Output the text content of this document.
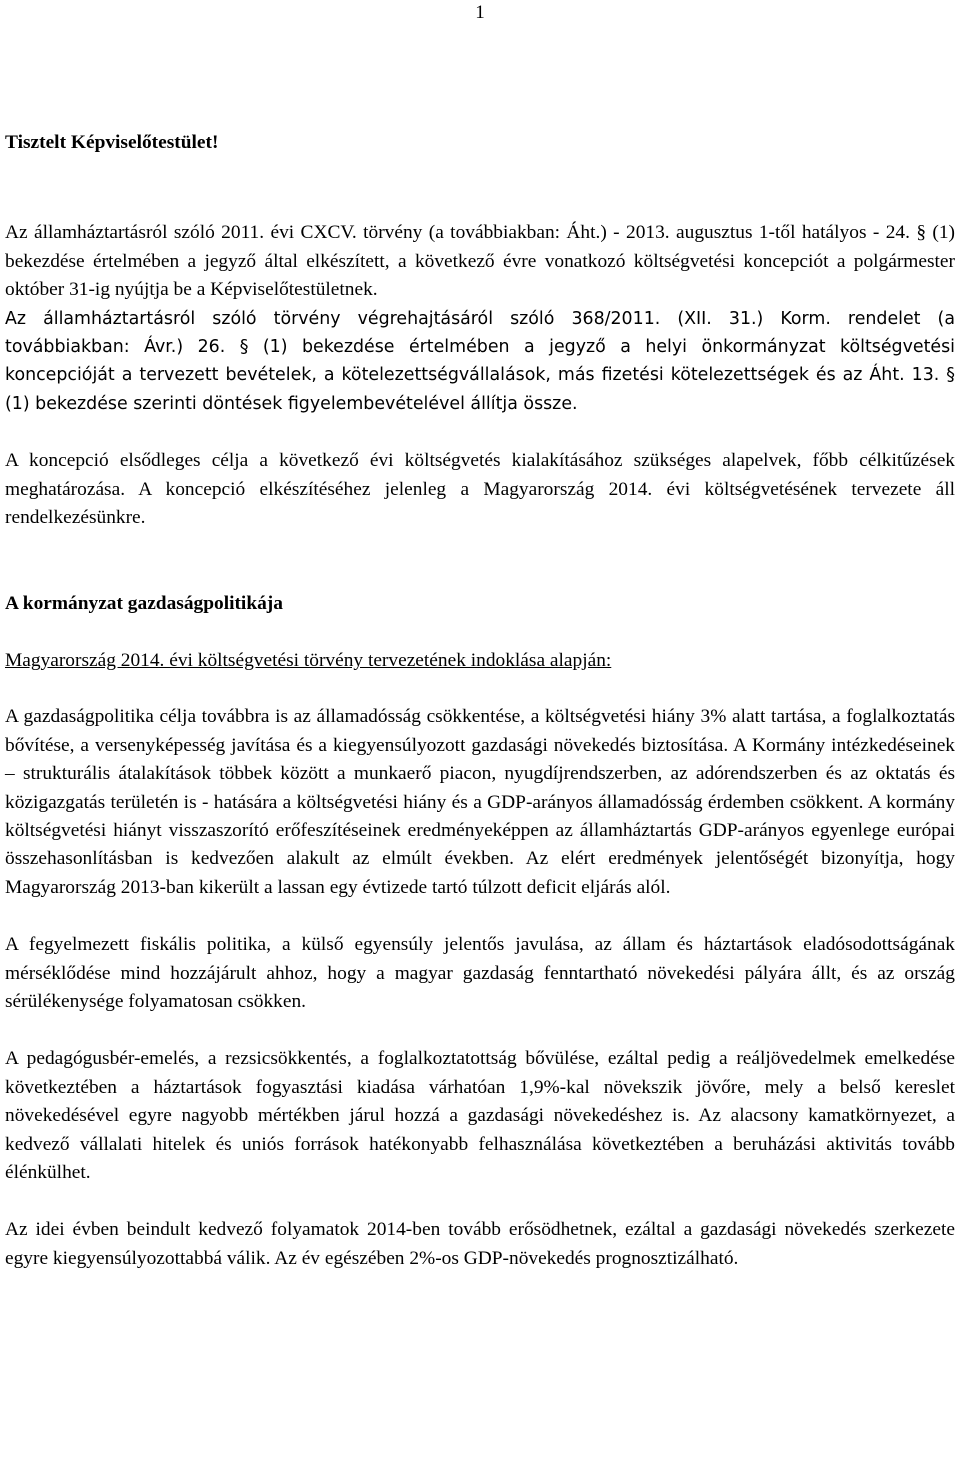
1

Tisztelt Képviselőtestület!

Az államháztartásról szóló 2011. évi CXCV. törvény (a továbbiakban: Áht.) - 2013. augusztus 1-től hatályos - 24. § (1) bekezdése értelmében a jegyző által elkészített, a következő évre vonatkozó költségvetési koncepciót a polgármester október 31-ig nyújtja be a Képviselőtestületnek.

Az államháztartásról szóló törvény végrehajtásáról szóló 368/2011. (XII. 31.) Korm. rendelet (a továbbiakban: Ávr.) 26. § (1) bekezdése értelmében a jegyző a helyi önkormányzat költségvetési koncepcióját a tervezett bevételek, a kötelezettségvállalások, más fizetési kötelezettségek és az Áht. 13. § (1) bekezdése szerinti döntések figyelembevételével állítja össze.

A koncepció elsődleges célja a következő évi költségvetés kialakításához szükséges alapelvek, főbb célkitűzések meghatározása. A koncepció elkészítéséhez jelenleg a Magyarország 2014. évi költségvetésének tervezete áll rendelkezésünkre.

A kormányzat gazdaságpolitikája

Magyarország 2014. évi költségvetési törvény tervezetének indoklása alapján:

A gazdaságpolitika célja továbbra is az államadósság csökkentése, a költségvetési hiány 3% alatt tartása, a foglalkoztatás bővítése, a versenyképesség javítása és a kiegyensúlyozott gazdasági növekedés biztosítása. A Kormány intézkedéseinek – strukturális átalakítások többek között a munkaerő piacon, nyugdíjrendszerben, az adórendszerben és az oktatás és közigazgatás területén is - hatására a költségvetési hiány és a GDP-arányos államadósság érdemben csökkent. A kormány költségvetési hiányt visszaszorító erőfeszítéseinek eredményeképpen az államháztartás GDP-arányos egyenlege európai összehasonlításban is kedvezően alakult az elmúlt években. Az elért eredmények jelentőségét bizonyítja, hogy Magyarország 2013-ban kikerült a lassan egy évtizede tartó túlzott deficit eljárás alól.

A fegyelmezett fiskális politika, a külső egyensúly jelentős javulása, az állam és háztartások eladósodottságának mérséklődése mind hozzájárult ahhoz, hogy a magyar gazdaság fenntartható növekedési pályára állt, és az ország sérülékenysége folyamatosan csökken.

A pedagógusbér-emelés, a rezsicsökkentés, a foglalkoztatottság bővülése, ezáltal pedig a reáljövedelmek emelkedése következtében a háztartások fogyasztási kiadása várhatóan 1,9%-kal növekszik jövőre, mely a belső kereslet növekedésével egyre nagyobb mértékben járul hozzá a gazdasági növekedéshez is. Az alacsony kamatkörnyezet, a kedvező vállalati hitelek és uniós források hatékonyabb felhasználása következtében a beruházási aktivitás tovább élénkülhet.

Az idei évben beindult kedvező folyamatok 2014-ben tovább erősödhetnek, ezáltal a gazdasági növekedés szerkezete egyre kiegyensúlyozottabbá válik. Az év egészében 2%-os GDP-növekedés prognosztizálható.
